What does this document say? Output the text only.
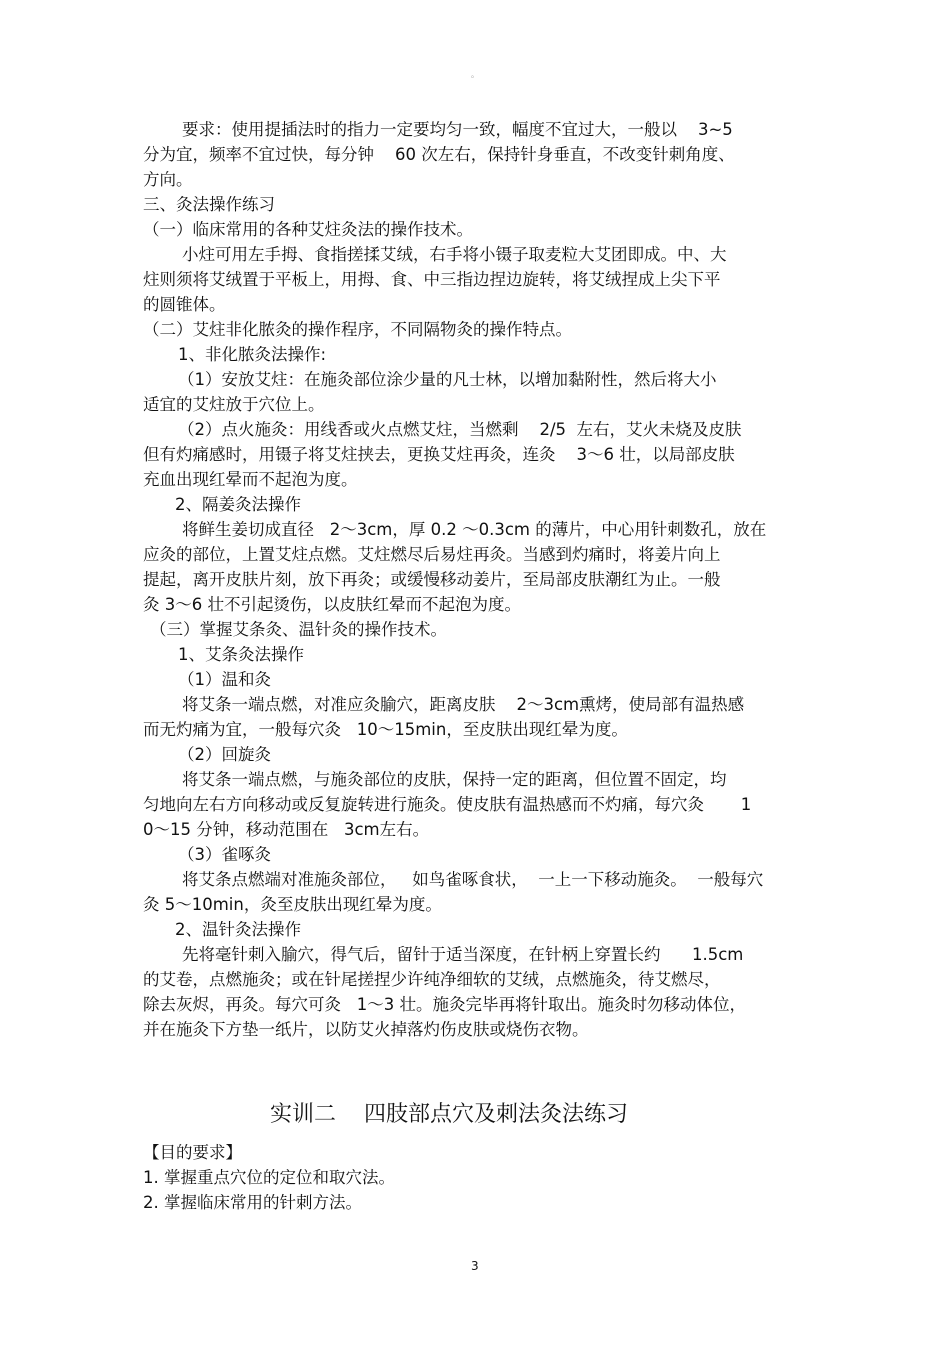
。
要求：使用提插法时的指力一定要均匀一致，幅度不宜过大，一般以    3~5
分为宜，频率不宜过快，每分钟    60 次左右，保持针身垂直，不改变针刺角度、
方向。
三、灸法操作练习
（一）临床常用的各种艾炷灸法的操作技术。
小炷可用左手拇、食指搓揉艾绒，右手将小镊子取麦粒大艾团即成。中、大
炷则须将艾绒置于平板上，用拇、食、中三指边捏边旋转，将艾绒捏成上尖下平
的圆锥体。
（二）艾炷非化脓灸的操作程序，不同隔物灸的操作特点。
1、非化脓灸法操作:
（1）安放艾炷：在施灸部位涂少量的凡士林，以增加黏附性，然后将大小
适宜的艾炷放于穴位上。
（2）点火施灸：用线香或火点燃艾炷，当燃剩    2/5  左右，艾火未烧及皮肤
但有灼痛感时，用镊子将艾炷挟去，更换艾炷再灸，连灸    3～6 壮，以局部皮肤
充血出现红晕而不起泡为度。
2、隔姜灸法操作
将鲜生姜切成直径   2～3cm，厚 0.2 ～0.3cm 的薄片，中心用针刺数孔，放在
应灸的部位，上置艾炷点燃。艾炷燃尽后易炷再灸。当感到灼痛时，将姜片向上
提起，离开皮肤片刻，放下再灸；或缓慢移动姜片，至局部皮肤潮红为止。一般
灸 3～6 壮不引起烫伤，以皮肤红晕而不起泡为度。
（三）掌握艾条灸、温针灸的操作技术。
1、艾条灸法操作
（1）温和灸
将艾条一端点燃，对准应灸腧穴，距离皮肤    2～3cm熏烤，使局部有温热感
而无灼痛为宜，一般每穴灸   10～15min，至皮肤出现红晕为度。
（2）回旋灸
将艾条一端点燃，与施灸部位的皮肤，保持一定的距离，但位置不固定，均
匀地向左右方向移动或反复旋转进行施灸。使皮肤有温热感而不灼痛，每穴灸       1
0～15 分钟，移动范围在   3cm左右。
（3）雀啄灸
将艾条点燃端对准施灸部位，   如鸟雀啄食状，  一上一下移动施灸。  一般每穴
灸 5～10min，灸至皮肤出现红晕为度。
2、温针灸法操作
先将毫针刺入腧穴，得气后，留针于适当深度，在针柄上穿置长约      1.5cm
的艾卷，点燃施灸；或在针尾搓捏少许纯净细软的艾绒，点燃施灸，待艾燃尽，
除去灰烬，再灸。每穴可灸   1～3 壮。施灸完毕再将针取出。施灸时勿移动体位，
并在施灸下方垫一纸片，以防艾火掉落灼伤皮肤或烧伤衣物。
实训二    四肢部点穴及刺法灸法练习
【目的要求】
1. 掌握重点穴位的定位和取穴法。
2. 掌握临床常用的针刺方法。
3
